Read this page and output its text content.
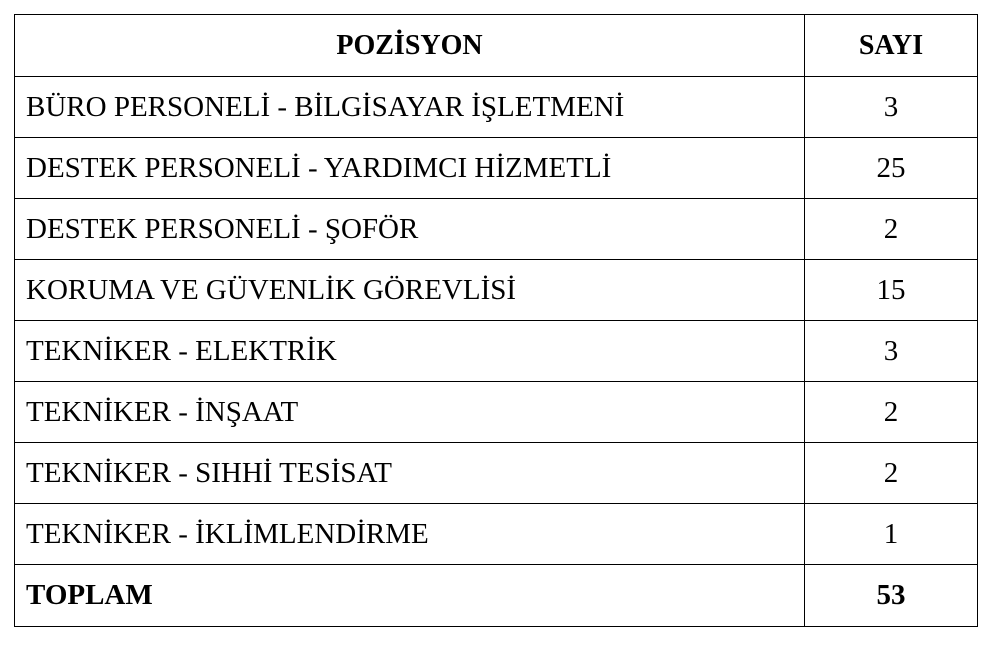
POZİSYON	SAYI
BÜRO PERSONELİ - BİLGİSAYAR İŞLETMENİ	3
DESTEK PERSONELİ - YARDIMCI HİZMETLİ	25
DESTEK PERSONELİ - ŞOFÖR	2
KORUMA VE GÜVENLİK GÖREVLİSİ	15
TEKNİKER - ELEKTRİK	3
TEKNİKER - İNŞAAT	2
TEKNİKER - SIHHİ TESİSAT	2
TEKNİKER - İKLİMLENDİRME	1
TOPLAM	53
